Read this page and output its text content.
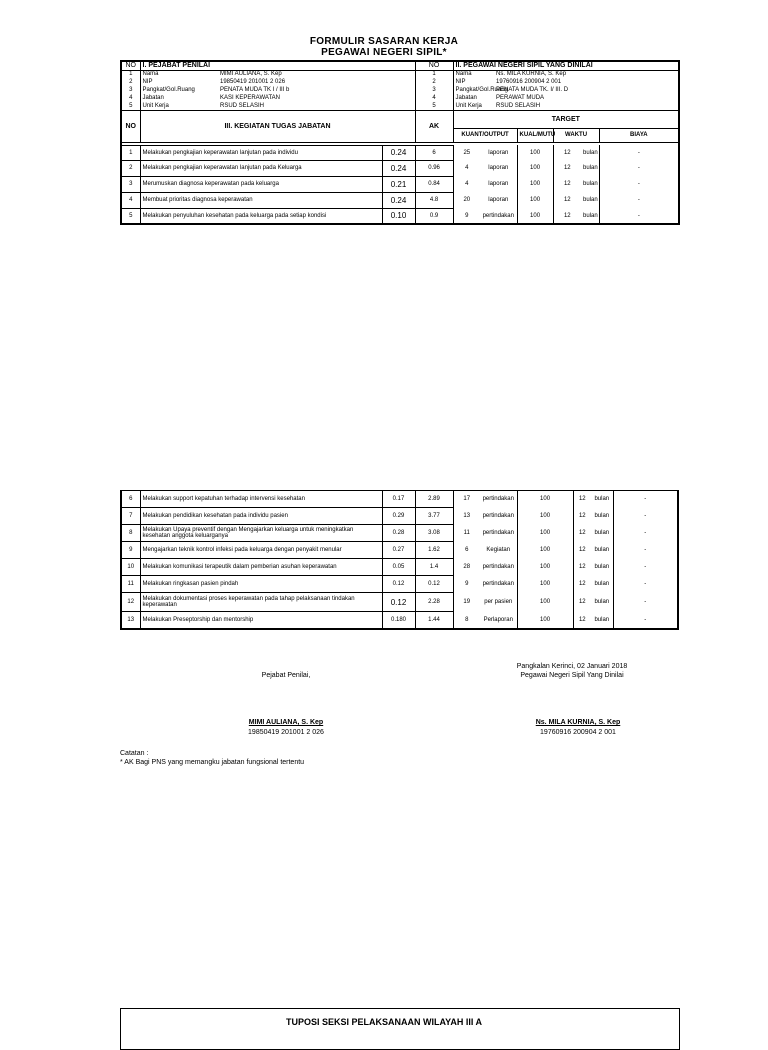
FORMULIR SASARAN KERJA
PEGAWAI NEGERI SIPIL*
NO	I. PEJABAT PENILAI			NO	II. PEGAWAI NEGERI SIPIL YANG DINILAI						
1	Nama	MIMI AULIANA, S. Kep		1	Nama		Ns. MILA KURNIA, S. Kep				
2	NIP	19850419 201001 2 026		2	NIP		19760916 200904 2 001				
3	Pangkat/Gol.Ruang	PENATA MUDA TK I / III b		3	Pangkat/Gol.Ruang		PENATA MUDA TK. I/ III. D				
4	Jabatan	KASI KEPERAWATAN		4	Jabatan		PERAWAT MUDA				
5	Unit Kerja	RSUD SELASIH		5	Unit Kerja		RSUD SELASIH				
NO	III. KEGIATAN TUGAS JABATAN			AK	TARGET						
					KUANT/OUTPUT			KUAL/MUTU	WAKTU		BIAYA

1	Melakukan pengkajian keperawatan lanjutan pada individu		0.24	6	25	laporan		100	12	bulan	-
2	Melakukan pengkajian keperawatan lanjutan pada Keluarga		0.24	0.96	4	laporan		100	12	bulan	-
3	Merumuskan diagnosa keperawatan pada keluarga		0.21	0.84	4	laporan		100	12	bulan	-
4	Membuat prioritas diagnosa keperawatan		0.24	4.8	20	laporan		100	12	bulan	-
5	Melakukan penyuluhan kesehatan pada keluarga pada setiap kondisi		0.10	0.9	9	pertindakan		100	12	bulan	-
6	Melakukan support kepatuhan terhadap intervensi kesehatan	0.17	2.89	17	pertindakan	100	12	bulan	-
7	Melakukan pendidikan kesehatan pada individu pasien	0.29	3.77	13	pertindakan	100	12	bulan	-
8	Melakukan Upaya preventif dengan Mengajarkan keluarga untuk meningkatkan kesehatan anggota keluarganya	0.28	3.08	11	pertindakan	100	12	bulan	-
9	Mengajarkan teknik kontrol infeksi pada keluarga dengan penyakit menular	0.27	1.62	6	Kegiatan	100	12	bulan	-
10	Melakukan komunikasi terapeutik dalam pemberian asuhan keperawatan	0.05	1.4	28	pertindakan	100	12	bulan	-
11	Melakukan ringkasan pasien pindah	0.12	0.12	9	pertindakan	100	12	bulan	-
12	Melakukan dokumentasi proses keperawatan pada tahap pelaksanaan tindakan keperawatan	0.12	2.28	19	per pasien	100	12	bulan	-
13	Melakukan Preseptorship dan mentorship	0.180	1.44	8	Perlaporan	100	12	bulan	-
Pangkalan Kerinci, 02 Januari 2018
Pegawai Negeri Sipil Yang Dinilai
Pejabat Penilai,
MIMI AULIANA, S. Kep
19850419 201001 2 026
Ns. MILA KURNIA, S. Kep
19760916 200904 2 001
Catatan :
* AK Bagi PNS yang memangku jabatan fungsional tertentu
TUPOSI SEKSI PELAKSANAAN WILAYAH III A
